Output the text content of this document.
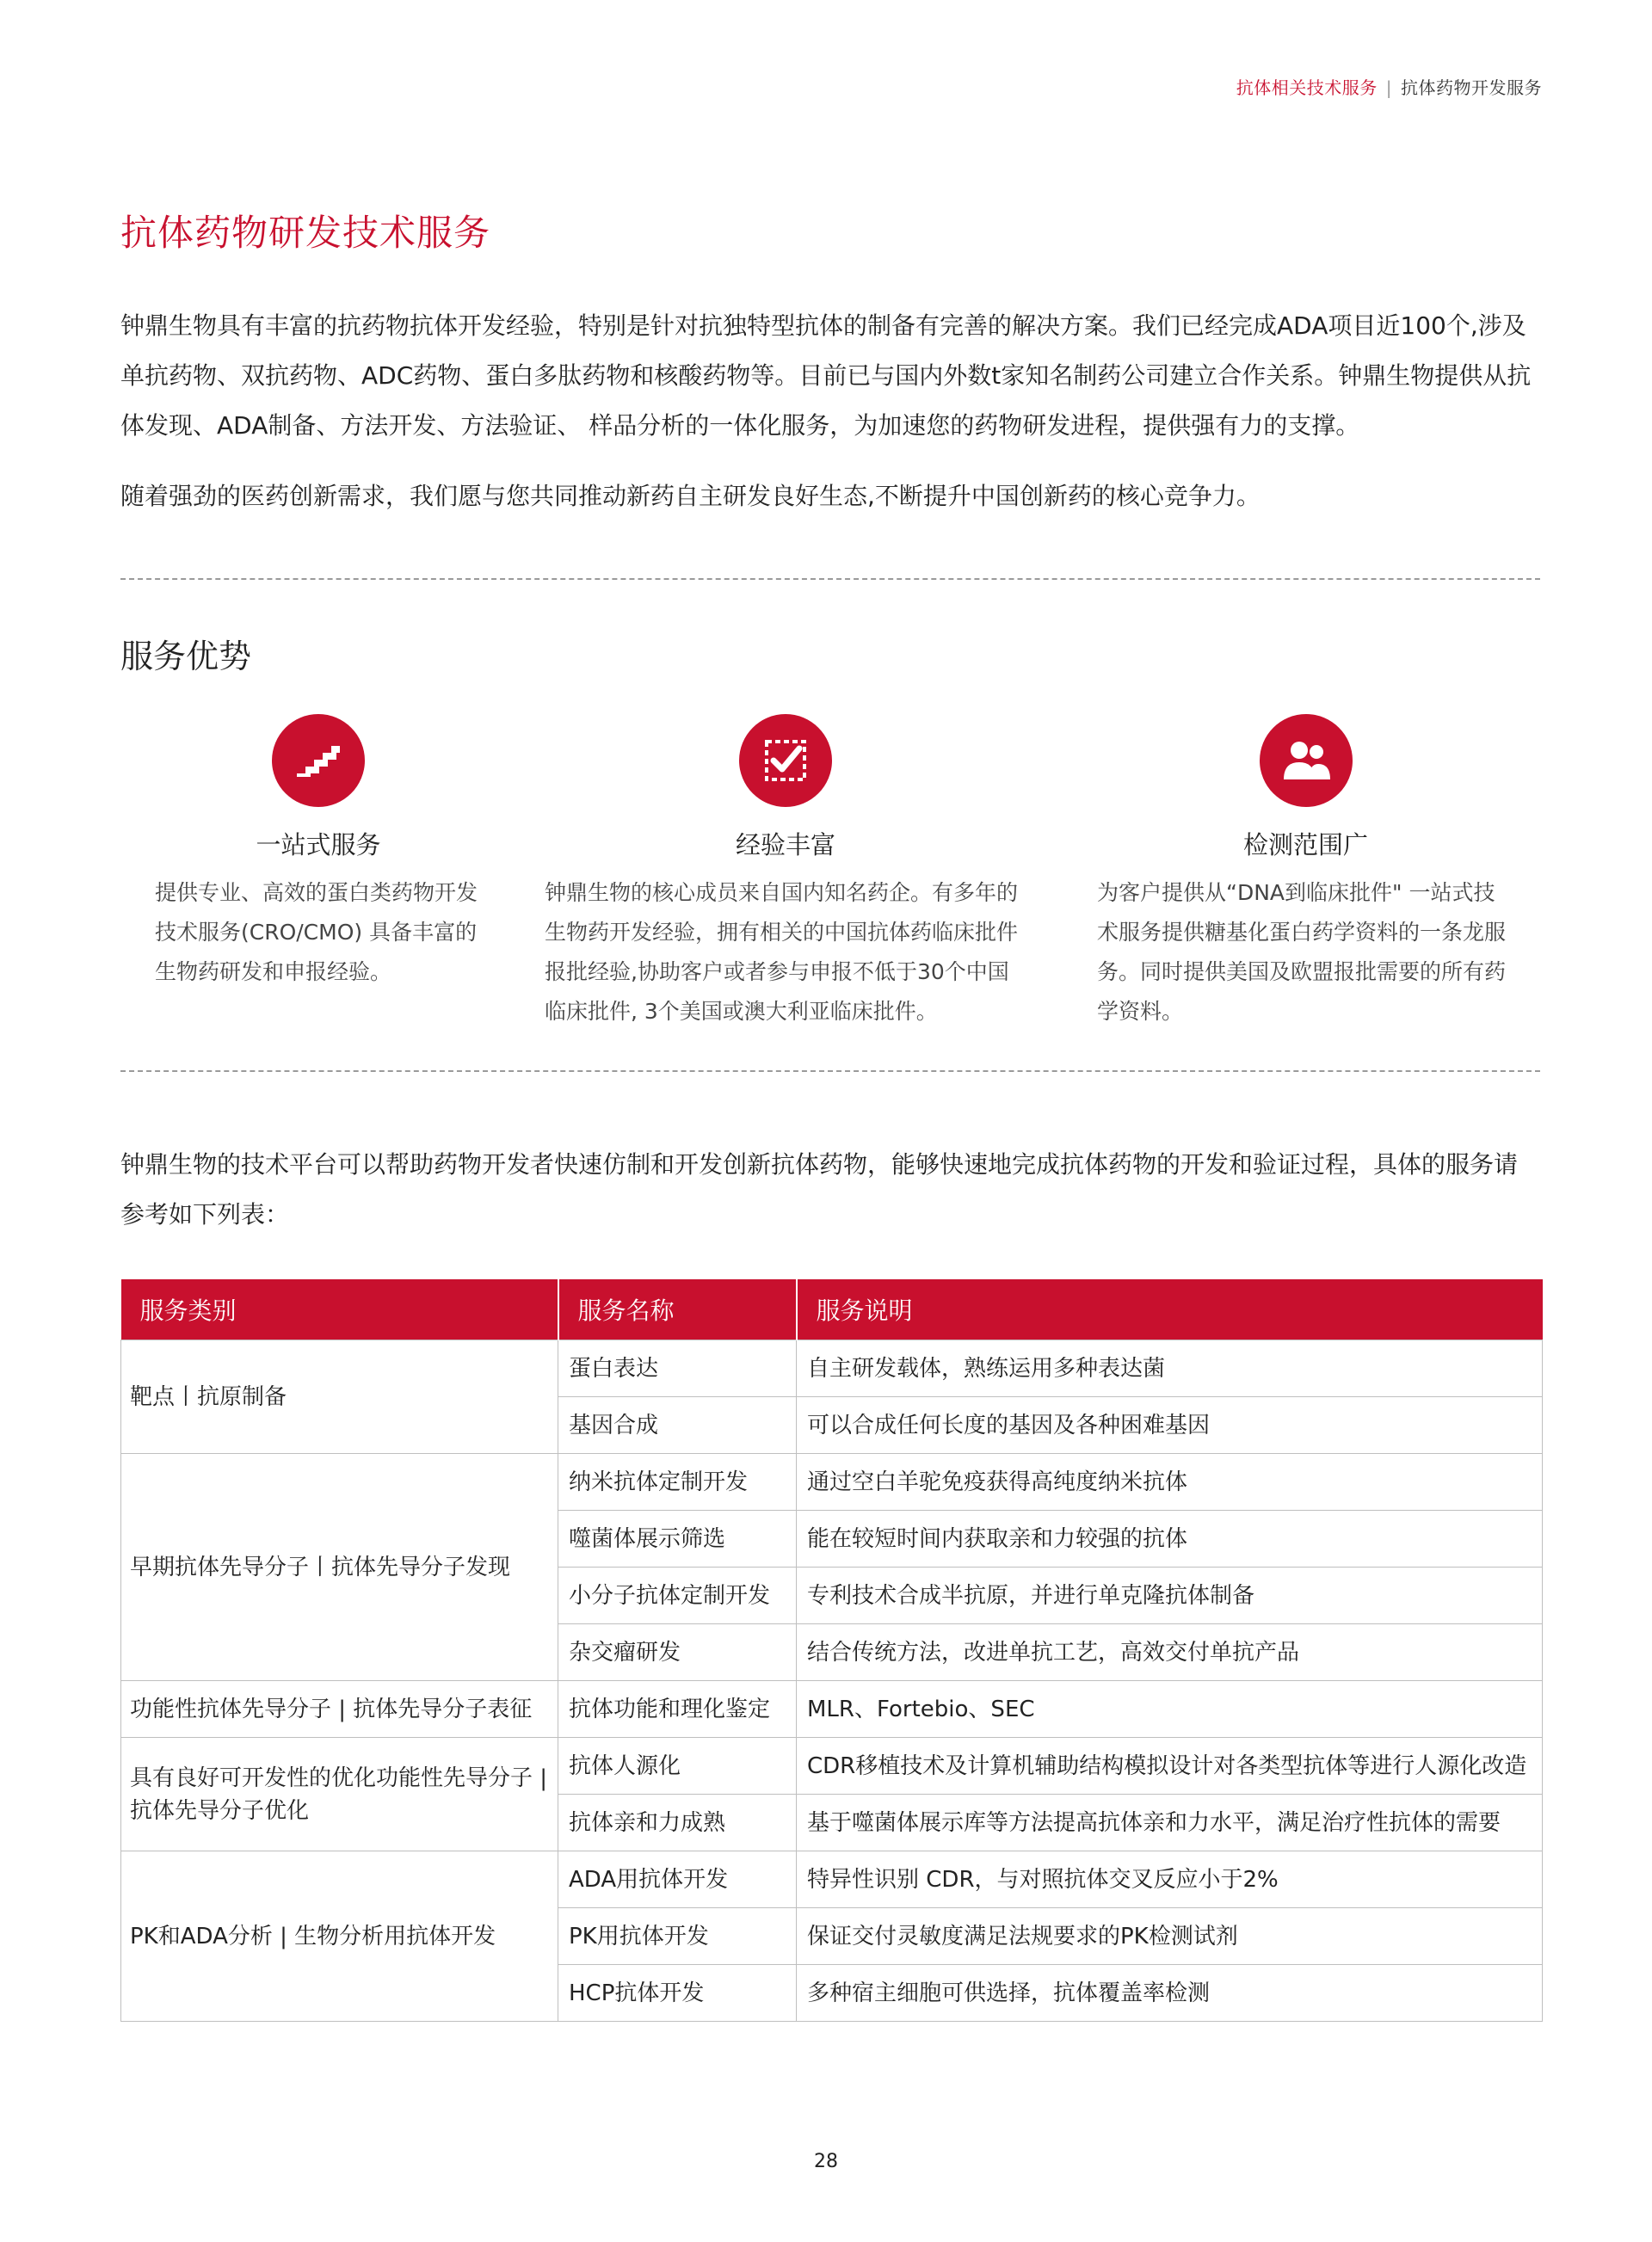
抗体相关技术服务 | 抗体药物开发服务
抗体药物研发技术服务

钟鼎生物具有丰富的抗药物抗体开发经验，特别是针对抗独特型抗体的制备有完善的解决方案。我们已经完成ADA项目近100个,涉及单抗药物、双抗药物、ADC药物、蛋白多肽药物和核酸药物等。目前已与国内外数t家知名制药公司建立合作关系。钟鼎生物提供从抗体发现、ADA制备、方法开发、方法验证、 样品分析的一体化服务，为加速您的药物研发进程，提供强有力的支撑。

随着强劲的医药创新需求，我们愿与您共同推动新药自主研发良好生态,不断提升中国创新药的核心竞争力。

服务优势
一站式服务
提供专业、高效的蛋白类药物开发技术服务(CRO/CMO) 具备丰富的生物药研发和申报经验。
经验丰富
钟鼎生物的核心成员来自国内知名药企。有多年的生物药开发经验，拥有相关的中国抗体药临床批件报批经验,协助客户或者参与申报不低于30个中国临床批件, 3个美国或澳大利亚临床批件。
检测范围广
为客户提供从“DNA到临床批件" 一站式技术服务提供糖基化蛋白药学资料的一条龙服务。同时提供美国及欧盟报批需要的所有药学资料。
钟鼎生物的技术平台可以帮助药物开发者快速仿制和开发创新抗体药物，能够快速地完成抗体药物的开发和验证过程，具体的服务请参考如下列表：
服务类别	服务名称	服务说明
靶点丨抗原制备	蛋白表达	自主研发载体，熟练运用多种表达菌
	基因合成	可以合成任何长度的基因及各种困难基因
早期抗体先导分子丨抗体先导分子发现	纳米抗体定制开发	通过空白羊驼免疫获得高纯度纳米抗体
	噬菌体展示筛选	能在较短时间内获取亲和力较强的抗体
	小分子抗体定制开发	专利技术合成半抗原，并进行单克隆抗体制备
	杂交瘤研发	结合传统方法，改进单抗工艺，高效交付单抗产品
功能性抗体先导分子 | 抗体先导分子表征	抗体功能和理化鉴定	MLR、Fortebio、SEC
具有良好可开发性的优化功能性先导分子 | 抗体先导分子优化	抗体人源化	CDR移植技术及计算机辅助结构模拟设计对各类型抗体等进行人源化改造
	抗体亲和力成熟	基于噬菌体展示库等方法提高抗体亲和力水平，满足治疗性抗体的需要
PK和ADA分析 | 生物分析用抗体开发	ADA用抗体开发	特异性识别 CDR，与对照抗体交叉反应小于2%
	PK用抗体开发	保证交付灵敏度满足法规要求的PK检测试剂
	HCP抗体开发	多种宿主细胞可供选择，抗体覆盖率检测
28
